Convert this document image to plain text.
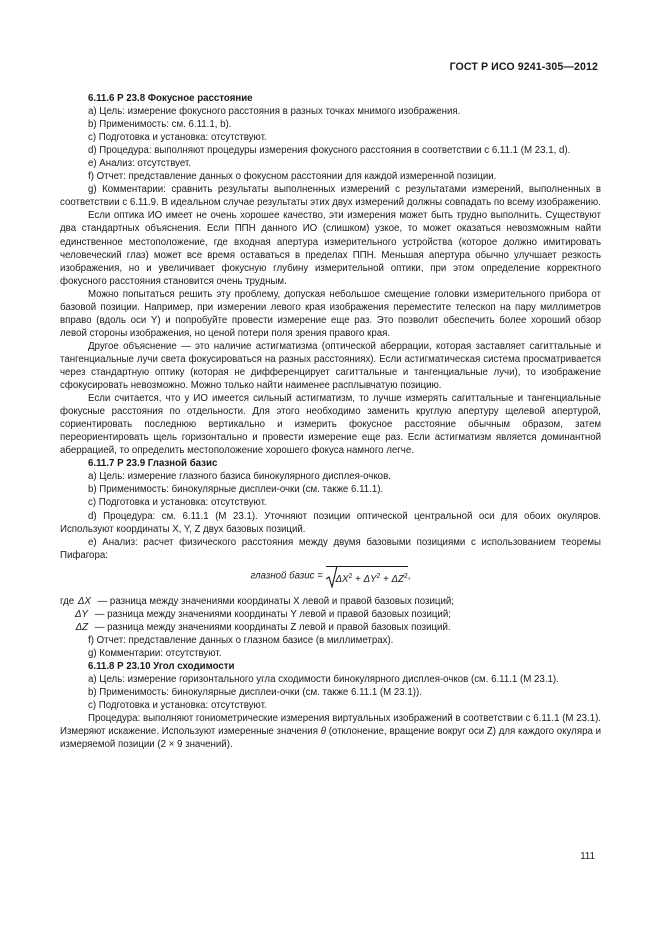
ГОСТ Р ИСО 9241-305—2012

6.11.6 Р 23.8 Фокусное расстояние

а) Цель: измерение фокусного расстояния в разных точках мнимого изображения.

b) Применимость: см. 6.11.1, b).

с) Подготовка и установка: отсутствуют.

d) Процедура: выполняют процедуры измерения фокусного расстояния в соответствии с 6.11.1 (М 23.1, d).

е) Анализ: отсутствует.

f) Отчет: представление данных о фокусном расстоянии для каждой измеренной позиции.

g) Комментарии: сравнить результаты выполненных измерений с результатами измерений, выполненных в соответствии с 6.11.9. В идеальном случае результаты этих двух измерений должны совпадать по всему изображению.

Если оптика ИО имеет не очень хорошее качество, эти измерения может быть трудно выполнить. Существуют два стандартных объяснения. Если ППН данного ИО (слишком) узкое, то может оказаться невозможным найти единственное местоположение, где входная апертура измерительного устройства (которое должно имитировать человеческий глаз) может все время оставаться в пределах ППН. Меньшая апертура обычно улучшает резкость изображения, но и увеличивает фокусную глубину измерительной оптики, при этом определение корректного фокусного расстояния становится очень трудным.

Можно попытаться решить эту проблему, допуская небольшое смещение головки измерительного прибора от базовой позиции. Например, при измерении левого края изображения переместите телескоп на пару миллиметров вправо (вдоль оси Y) и попробуйте провести измерение еще раз. Это позволит обеспечить более хороший обзор левой стороны изображения, но ценой потери поля зрения правого края.

Другое объяснение — это наличие астигматизма (оптической аберрации, которая заставляет сагиттальные и тангенциальные лучи света фокусироваться на разных расстояниях). Если астигматическая система просматривается через стандартную оптику (которая не дифференцирует сагиттальные и тангенциальные лучи), то изображение сфокусировать невозможно. Можно только найти наименее расплывчатую позицию.

Если считается, что у ИО имеется сильный астигматизм, то лучше измерять сагиттальные и тангенциальные фокусные расстояния по отдельности. Для этого необходимо заменить круглую апертуру щелевой апертурой, сориентировать последнюю вертикально и измерить фокусное расстояние обычным образом, затем переориентировать щель горизонтально и провести измерение еще раз. Если астигматизм является доминантной аберрацией, то определить местоположение хорошего фокуса намного легче.

6.11.7 Р 23.9 Глазной базис

а) Цель: измерение глазного базиса бинокулярного дисплея-очков.

b) Применимость: бинокулярные дисплеи-очки (см. также 6.11.1).

с) Подготовка и установка: отсутствуют.

d) Процедура: см. 6.11.1 (М 23.1). Уточняют позиции оптической центральной оси для обоих окуляров. Используют координаты X, Y, Z двух базовых позиций.

е) Анализ: расчет физического расстояния между двумя базовыми позициями с использованием теоремы Пифагора:

глазной базис = $\Delta X^2 + \Delta Y^2 + \Delta Z^2$,

где ΔX — разница между значениями координаты X левой и правой базовых позиций;

ΔY — разница между значениями координаты Y левой и правой базовых позиций;

ΔZ — разница между значениями координаты Z левой и правой базовых позиций.

f) Отчет: представление данных о глазном базисе (в миллиметрах).

g) Комментарии: отсутствуют.

6.11.8 Р 23.10 Угол сходимости

а) Цель: измерение горизонтального угла сходимости бинокулярного дисплея-очков (см. 6.11.1 (М 23.1).

b) Применимость: бинокулярные дисплеи-очки (см. также 6.11.1 (М 23.1)).

с) Подготовка и установка: отсутствуют.

Процедура: выполняют гониометрические измерения виртуальных изображений в соответствии с 6.11.1 (М 23.1). Измеряют искажение. Используют измеренные значения θ (отклонение, вращение вокруг оси Z) для каждого окуляра и измеряемой позиции (2 × 9 значений).

111
